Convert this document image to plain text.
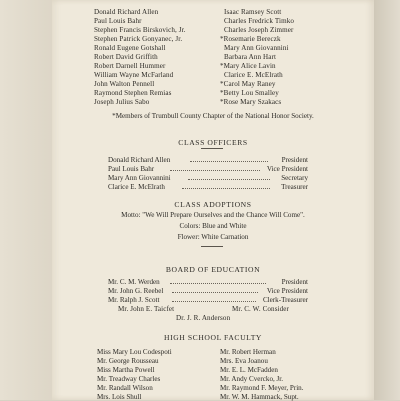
Donald Richard Allen
Paul Louis Bahr
Stephen Francis Birskovich, Jr.
Stephen Patrick Gonyanec, Jr.
Ronald Eugene Gotshall
Robert David Griffith
Robert Darnell Hummer
William Wayne McFarland
John Walton Pennell
Raymond Stephen Remias
Joseph Julius Sabo
Isaac Ramsey Scott
Charles Fredrick Timko
Charles Joseph Zimmer
*Rosemarie Bereczk
Mary Ann Giovannini
Barbara Ann Hart
*Mary Alice Lavin
Clarice E. McElrath
*Carol May Raney
*Betty Lou Smalley
*Rose Mary Szakacs
*Members of Trumbull County Chapter of the National Honor Society.
CLASS OFFICERS
Donald Richard Allen	President
Paul Louis Bahr	Vice President
Mary Ann Giovannini	Secretary
Clarice E. McElrath	Treasurer
CLASS ADOPTIONS
Motto: "We Will Prepare Ourselves and the Chance Will Come".
Colors: Blue and White
Flower: White Carnation
BOARD OF EDUCATION
Mr. C. M. Werden	President
Mr. John G. Reebel	Vice President
Mr. Ralph J. Scott	Clerk-Treasurer
Mr. John E. Taicfet	Mr. C. W. Consider
Dr. J. R. Anderson
HIGH SCHOOL FACULTY
Miss Mary Lou Codespoti
Mr. George Rousseau
Miss Martha Powell
Mr. Treadway Charles
Mr. Randall Wilson
Mrs. Lois Shull
Mr. Robert Herman
Mrs. Eva Joanou
Mr. E. L. McFadden
Mr. Andy Cvercko, Jr.
Mr. Raymond F. Meyer, Prin.
Mr. W. M. Hammack, Supt.
